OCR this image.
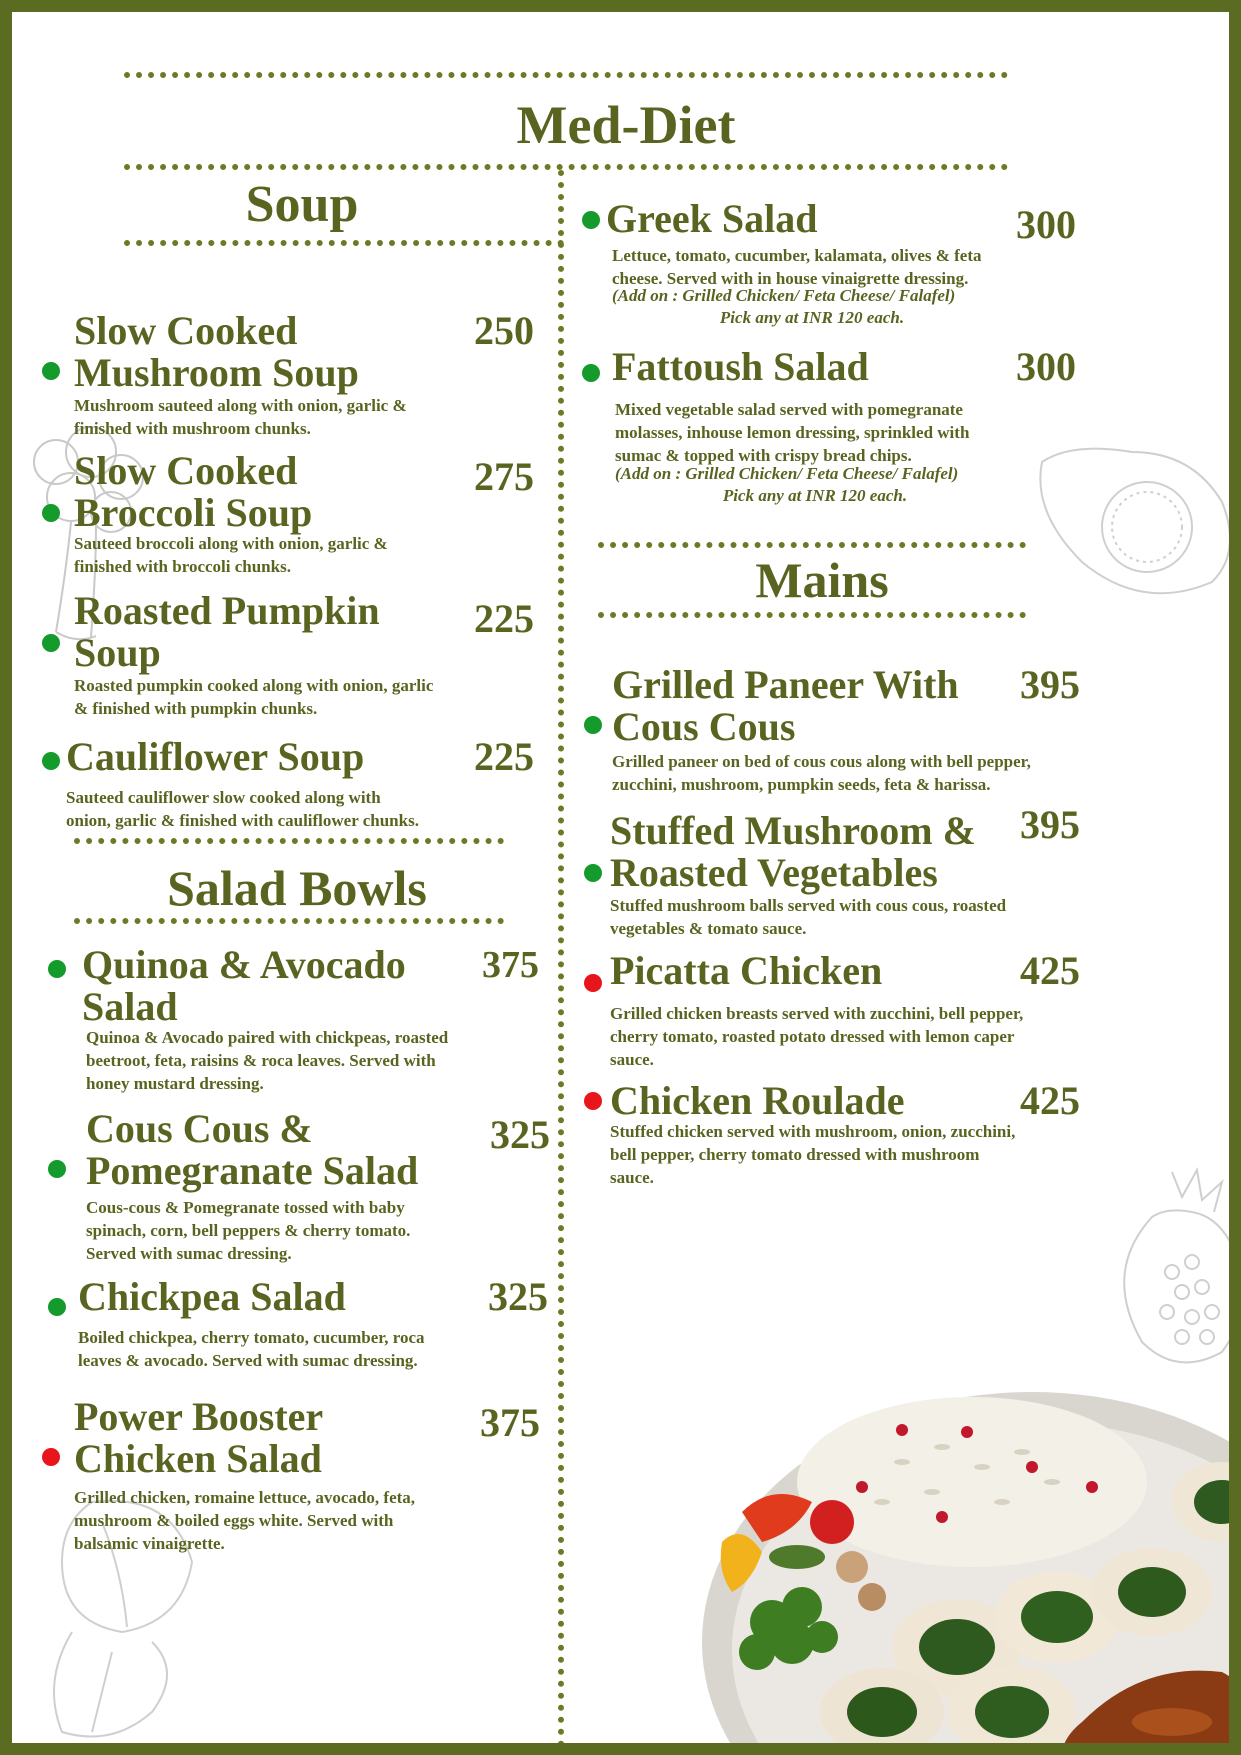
Med-Diet
Soup
Slow Cooked
Mushroom Soup
250
Mushroom sauteed along with onion, garlic &
finished with mushroom chunks.
Slow Cooked
Broccoli Soup
275
Sauteed broccoli along with onion, garlic &
finished with broccoli chunks.
Roasted Pumpkin
Soup
225
Roasted pumpkin cooked along with onion, garlic
& finished with pumpkin chunks.
Cauliflower Soup	225
Sauteed cauliflower slow cooked along with
onion, garlic & finished with cauliflower chunks.
Salad Bowls
Quinoa & Avocado
Salad
375
Quinoa & Avocado paired with chickpeas, roasted
beetroot, feta, raisins & roca leaves. Served with
honey mustard dressing.
Cous Cous &
Pomegranate Salad
325
Cous-cous & Pomegranate tossed with baby
spinach, corn, bell peppers & cherry tomato.
Served with sumac dressing.
Chickpea Salad	325
Boiled chickpea, cherry tomato, cucumber, roca
leaves & avocado. Served with sumac dressing.
Power Booster
Chicken Salad
375
Grilled chicken, romaine lettuce, avocado, feta,
mushroom & boiled eggs white. Served with
balsamic vinaigrette.
Greek Salad	300
Lettuce, tomato, cucumber, kalamata, olives & feta
cheese. Served with in house vinaigrette dressing.
(Add on : Grilled Chicken/ Feta Cheese/ Falafel)
Pick any at INR 120 each.
Fattoush Salad	300
Mixed vegetable salad served with pomegranate
molasses, inhouse lemon dressing, sprinkled with
sumac & topped with crispy bread chips.
(Add on : Grilled Chicken/ Feta Cheese/ Falafel)
Pick any at INR 120 each.
Mains
Grilled Paneer With
Cous Cous
395
Grilled paneer on bed of cous cous along with bell pepper,
zucchini, mushroom, pumpkin seeds, feta & harissa.
Stuffed Mushroom &
Roasted Vegetables
395
Stuffed mushroom balls served with cous cous, roasted
vegetables & tomato sauce.
Picatta Chicken	425
Grilled chicken breasts served with zucchini, bell pepper,
cherry tomato, roasted potato dressed with lemon caper
sauce.
Chicken Roulade	425
Stuffed chicken served with mushroom, onion, zucchini,
bell pepper, cherry tomato dressed with mushroom
sauce.
